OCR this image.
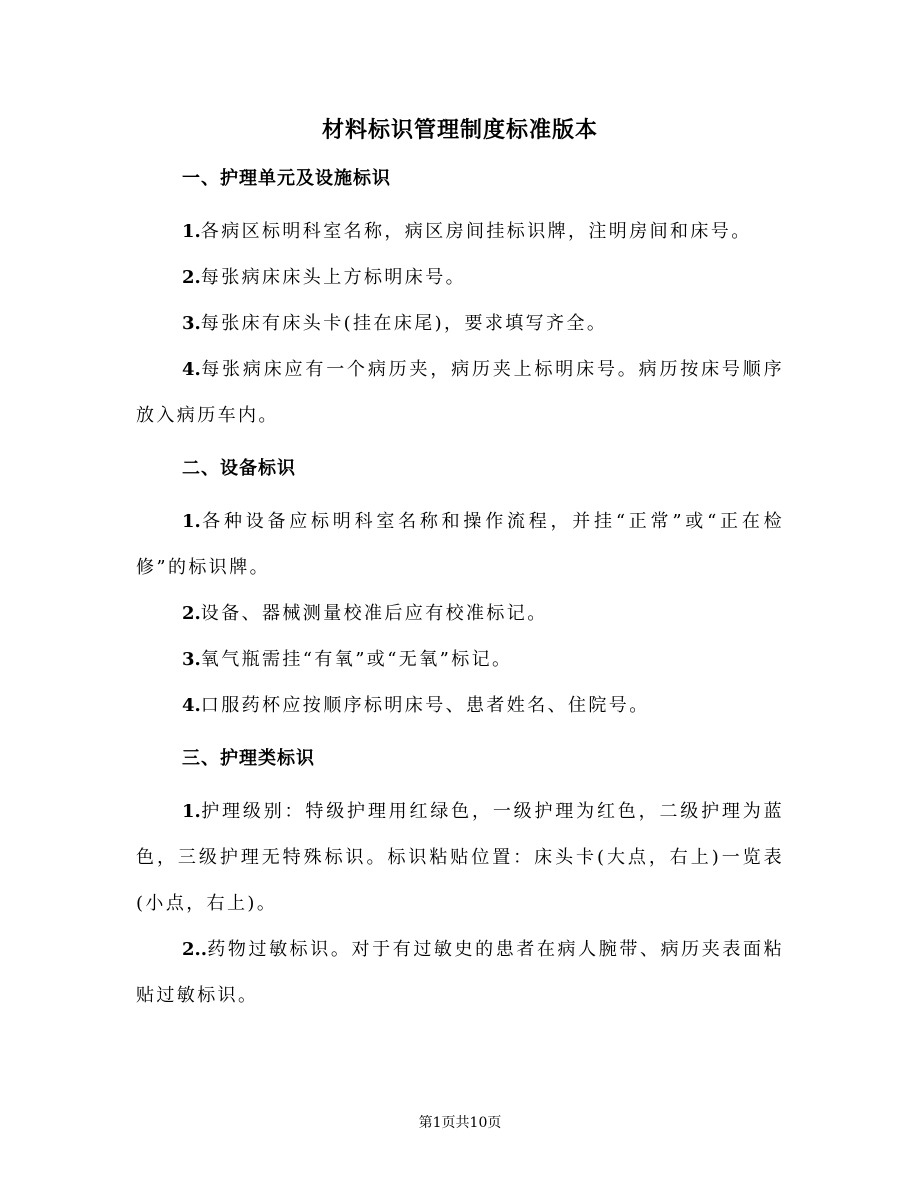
材料标识管理制度标准版本
一、护理单元及设施标识
1.各病区标明科室名称，病区房间挂标识牌，注明房间和床号。
2.每张病床床头上方标明床号。
3.每张床有床头卡(挂在床尾)，要求填写齐全。
4.每张病床应有一个病历夹，病历夹上标明床号。病历按床号顺序放入病历车内。
二、设备标识
1.各种设备应标明科室名称和操作流程，并挂“正常”或“正在检修”的标识牌。
2.设备、器械测量校准后应有校准标记。
3.氧气瓶需挂“有氧”或“无氧”标记。
4.口服药杯应按顺序标明床号、患者姓名、住院号。
三、护理类标识
1.护理级别：特级护理用红绿色，一级护理为红色，二级护理为蓝色，三级护理无特殊标识。标识粘贴位置：床头卡(大点，右上)一览表(小点，右上)。
2..药物过敏标识。对于有过敏史的患者在病人腕带、病历夹表面粘贴过敏标识。
第1页共10页
